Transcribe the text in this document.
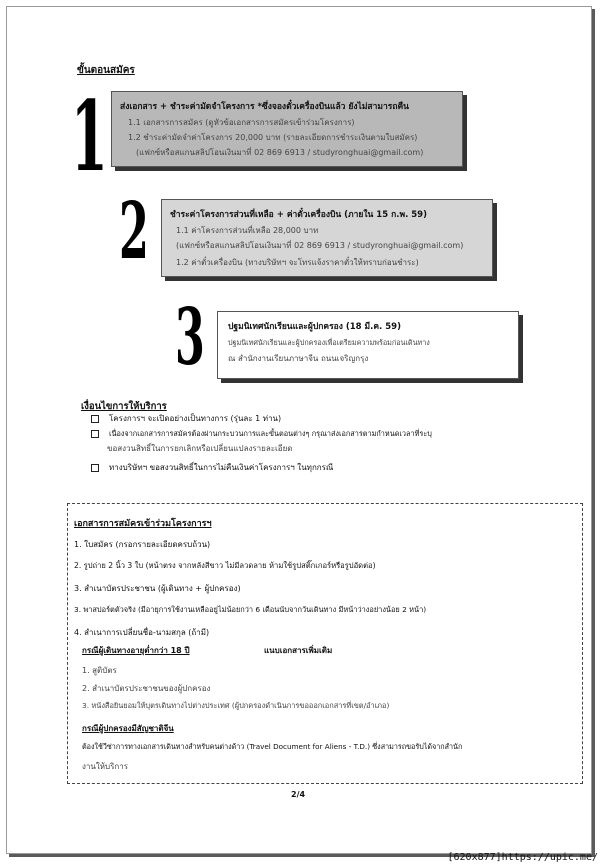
ขั้นตอนสมัคร
1 ส่งเอกสาร + ชำระค่ามัดจำโครงการ *ซึ่งจองตั๋วเครื่องบินแล้ว ยังไม่สามารถคืน
1.1 เอกสารการสมัคร (ดูหัวข้อเอกสารการสมัครเข้าร่วมโครงการ)
1.2 ชำระค่ามัดจำค่าโครงการ 20,000 บาท (รายละเอียดการชำระเงินตามใบสมัคร)
(แฟกซ์หรือสแกนสลิปโอนเงินมาที่ 02 869 6913 / studyronghuai@gmail.com)
2 ชำระค่าโครงการส่วนที่เหลือ + ค่าตั๋วเครื่องบิน (ภายใน 15 ก.พ. 59)
1.1 ค่าโครงการส่วนที่เหลือ 28,000 บาท
(แฟกซ์หรือสแกนสลิปโอนเงินมาที่ 02 869 6913 / studyronghuai@gmail.com)
1.2 ค่าตั๋วเครื่องบิน (ทางบริษัทฯ จะโทรแจ้งราคาตั๋วให้ทราบก่อนชำระ)
3	ปฐมนิเทศนักเรียนและผู้ปกครอง (18 มี.ค. 59)
ปฐมนิเทศนักเรียนและผู้ปกครองเพื่อเตรียมความพร้อมก่อนเดินทาง
ณ สำนักงานเรียนภาษาจีน ถนนเจริญกรุง
เงื่อนไขการให้บริการ
โครงการฯ จะเปิดอย่างเป็นทางการ (รุ่นละ 1 ท่าน)
เนื่องจากเอกสารการสมัครต้องผ่านกระบวนการและขั้นตอนต่างๆ กรุณาส่งเอกสารตามกำหนดเวลาที่ระบุ
ขอสงวนสิทธิ์ในการยกเลิกหรือเปลี่ยนแปลงรายละเอียด
ทางบริษัทฯ ขอสงวนสิทธิ์ในการไม่คืนเงินค่าโครงการฯ ในทุกกรณี
เอกสารการสมัครเข้าร่วมโครงการฯ
1. ใบสมัคร (กรอกรายละเอียดครบถ้วน)
2. รูปถ่าย 2 นิ้ว 3 ใบ (หน้าตรง จากหลังสีขาว ไม่มีลวดลาย ห้ามใช้รูปสติ๊กเกอร์หรือรูปอัดต่อ)
3. สำเนาบัตรประชาชน (ผู้เดินทาง + ผู้ปกครอง)
3. พาสปอร์ตตัวจริง (มีอายุการใช้งานเหลืออยู่ไม่น้อยกว่า 6 เดือนนับจากวันเดินทาง มีหน้าว่างอย่างน้อย 2 หน้า)
4. สำเนาการเปลี่ยนชื่อ-นามสกุล (ถ้ามี)
กรณีผู้เดินทางอายุต่ำกว่า 18 ปี	แนบเอกสารเพิ่มเติม
1. สูติบัตร
2. สำเนาบัตรประชาชนของผู้ปกครอง
3. หนังสือยินยอมให้บุตรเดินทางไปต่างประเทศ (ผู้ปกครองดำเนินการขอออกเอกสารที่เขต/อำเภอ)
กรณีผู้ปกครองมีสัญชาติจีน
ต้องใช้วีซ่าการทางเอกสารเดินทางสำหรับคนต่างด้าว (Travel Document for Aliens - T.D.) ซึ่งสามารถขอรับได้จากสำนัก
งานให้บริการ
2/4
[620x877]https://upic.me/
